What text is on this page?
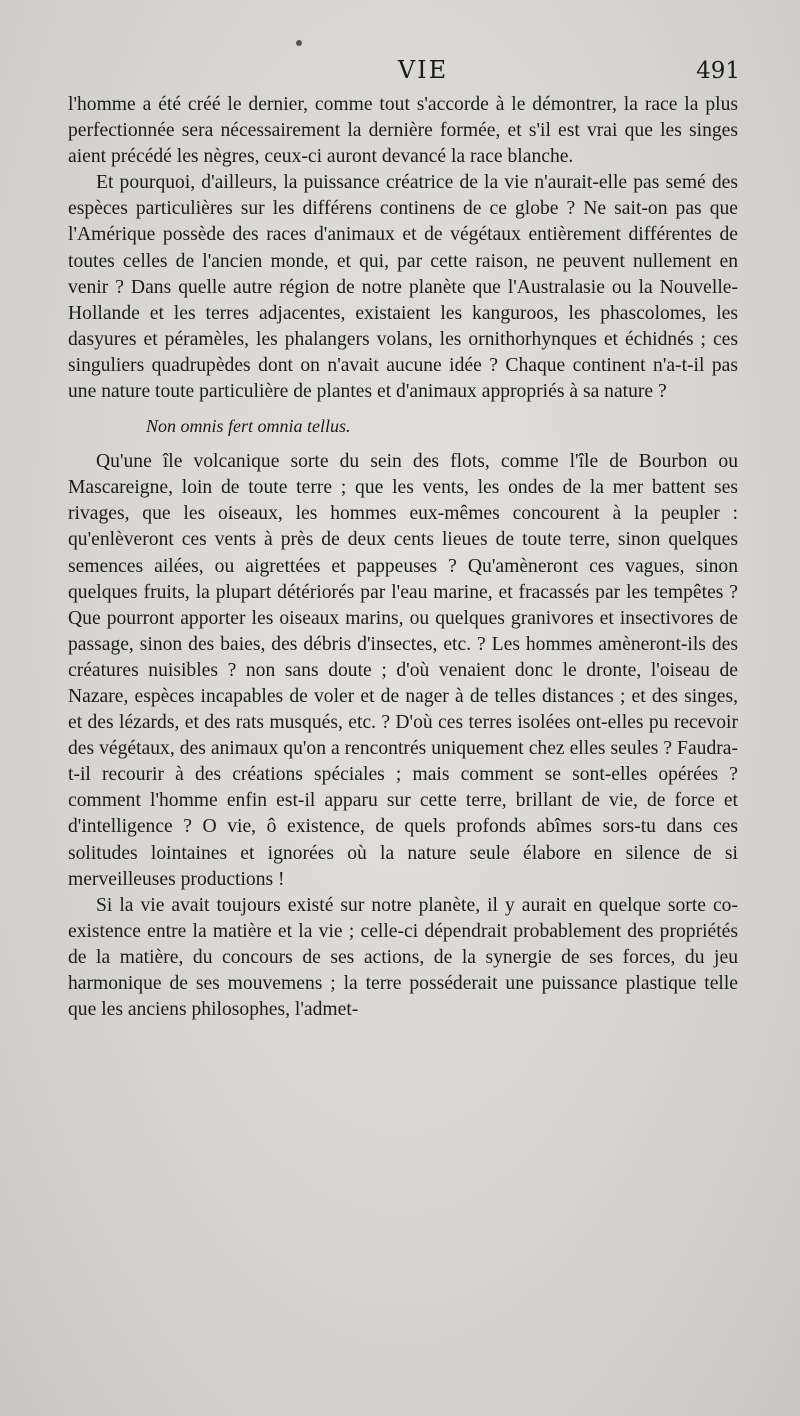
VIE	491

l'homme a été créé le dernier, comme tout s'accorde à le démontrer, la race la plus perfectionnée sera nécessairement la dernière formée, et s'il est vrai que les singes aient précédé les nègres, ceux-ci auront devancé la race blanche.

Et pourquoi, d'ailleurs, la puissance créatrice de la vie n'aurait-elle pas semé des espèces particulières sur les différens continens de ce globe ? Ne sait-on pas que l'Amérique possède des races d'animaux et de végétaux entièrement différentes de toutes celles de l'ancien monde, et qui, par cette raison, ne peuvent nullement en venir ? Dans quelle autre région de notre planète que l'Australasie ou la Nouvelle-Hollande et les terres adjacentes, existaient les kanguroos, les phascolomes, les dasyures et péramèles, les phalangers volans, les ornithorhynques et échidnés ; ces singuliers quadrupèdes dont on n'avait aucune idée ? Chaque continent n'a-t-il pas une nature toute particulière de plantes et d'animaux appropriés à sa nature ?

Non omnis fert omnia tellus.

Qu'une île volcanique sorte du sein des flots, comme l'île de Bourbon ou Mascareigne, loin de toute terre ; que les vents, les ondes de la mer battent ses rivages, que les oiseaux, les hommes eux-mêmes concourent à la peupler : qu'enlèveront ces vents à près de deux cents lieues de toute terre, sinon quelques semences ailées, ou aigrettées et pappeuses ? Qu'amèneront ces vagues, sinon quelques fruits, la plupart détériorés par l'eau marine, et fracassés par les tempêtes ? Que pourront apporter les oiseaux marins, ou quelques granivores et insectivores de passage, sinon des baies, des débris d'insectes, etc. ? Les hommes amèneront-ils des créatures nuisibles ? non sans doute ; d'où venaient donc le dronte, l'oiseau de Nazare, espèces incapables de voler et de nager à de telles distances ; et des singes, et des lézards, et des rats musqués, etc. ? D'où ces terres isolées ont-elles pu recevoir des végétaux, des animaux qu'on a rencontrés uniquement chez elles seules ? Faudra-t-il recourir à des créations spéciales ; mais comment se sont-elles opérées ? comment l'homme enfin est-il apparu sur cette terre, brillant de vie, de force et d'intelligence ? O vie, ô existence, de quels profonds abîmes sors-tu dans ces solitudes lointaines et ignorées où la nature seule élabore en silence de si merveilleuses productions !

Si la vie avait toujours existé sur notre planète, il y aurait en quelque sorte co-existence entre la matière et la vie ; celle-ci dépendrait probablement des propriétés de la matière, du concours de ses actions, de la synergie de ses forces, du jeu harmonique de ses mouvemens ; la terre posséderait une puissance plastique telle que les anciens philosophes, l'admet-
